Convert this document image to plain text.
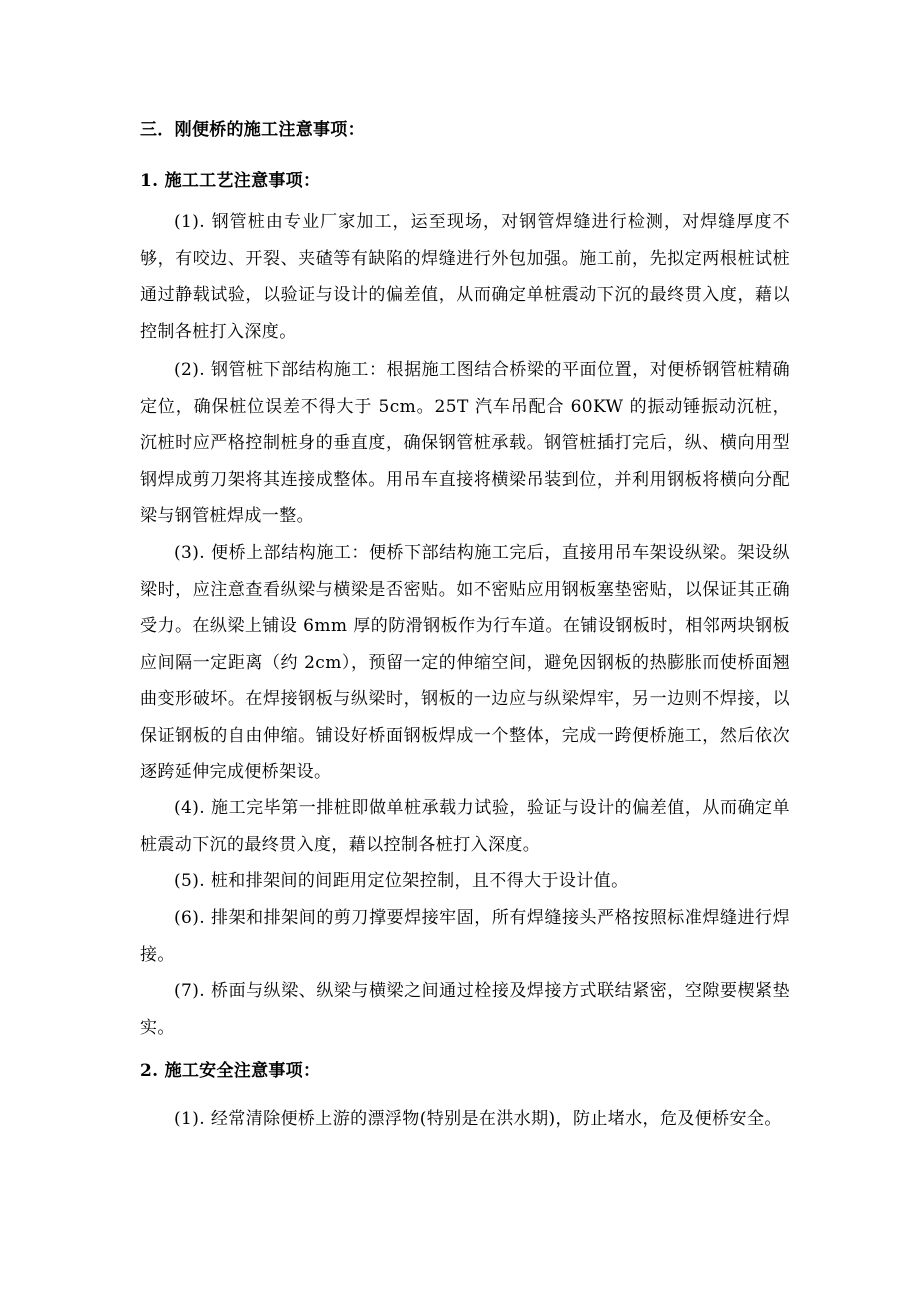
三．刚便桥的施工注意事项：
1. 施工工艺注意事项：

(1). 钢管桩由专业厂家加工，运至现场，对钢管焊缝进行检测，对焊缝厚度不够，有咬边、开裂、夹碴等有缺陷的焊缝进行外包加强。施工前，先拟定两根桩试桩通过静载试验，以验证与设计的偏差值，从而确定单桩震动下沉的最终贯入度，藉以控制各桩打入深度。

(2). 钢管桩下部结构施工：根据施工图结合桥梁的平面位置，对便桥钢管桩精确定位，确保桩位误差不得大于 5cm。25T 汽车吊配合 60KW 的振动锤振动沉桩，沉桩时应严格控制桩身的垂直度，确保钢管桩承载。钢管桩插打完后，纵、横向用型钢焊成剪刀架将其连接成整体。用吊车直接将横梁吊装到位，并利用钢板将横向分配梁与钢管桩焊成一整。

(3). 便桥上部结构施工：便桥下部结构施工完后，直接用吊车架设纵梁。架设纵梁时，应注意查看纵梁与横梁是否密贴。如不密贴应用钢板塞垫密贴，以保证其正确受力。在纵梁上铺设 6mm 厚的防滑钢板作为行车道。在铺设钢板时，相邻两块钢板应间隔一定距离（约 2cm），预留一定的伸缩空间，避免因钢板的热膨胀而使桥面翘曲变形破坏。在焊接钢板与纵梁时，钢板的一边应与纵梁焊牢，另一边则不焊接，以保证钢板的自由伸缩。铺设好桥面钢板焊成一个整体，完成一跨便桥施工，然后依次逐跨延伸完成便桥架设。

(4). 施工完毕第一排桩即做单桩承载力试验，验证与设计的偏差值，从而确定单桩震动下沉的最终贯入度，藉以控制各桩打入深度。

(5). 桩和排架间的间距用定位架控制，且不得大于设计值。

(6). 排架和排架间的剪刀撑要焊接牢固，所有焊缝接头严格按照标准焊缝进行焊接。

(7). 桥面与纵梁、纵梁与横梁之间通过栓接及焊接方式联结紧密，空隙要楔紧垫实。

2. 施工安全注意事项：

(1). 经常清除便桥上游的漂浮物(特别是在洪水期)，防止堵水，危及便桥安全。
